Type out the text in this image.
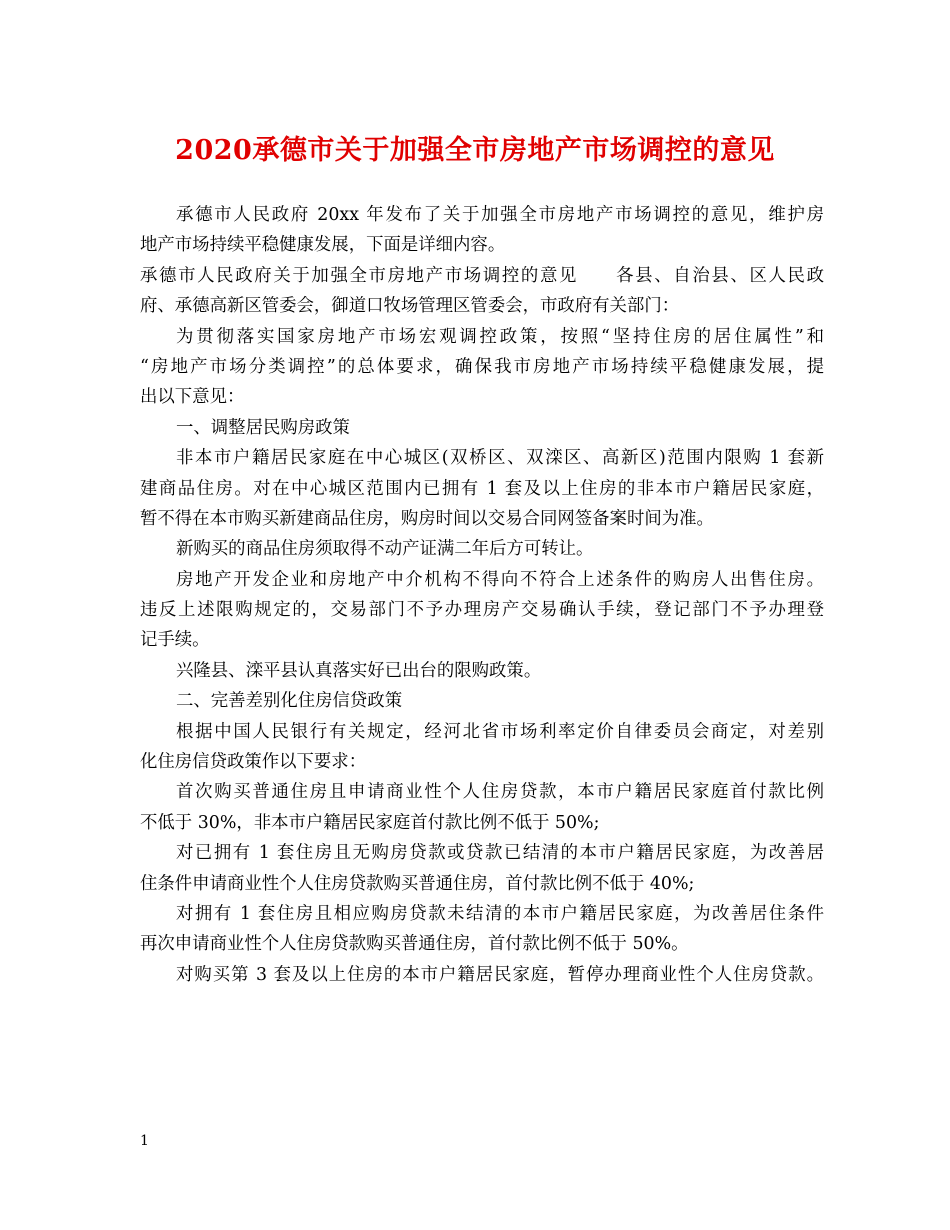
2020承德市关于加强全市房地产市场调控的意见
承德市人民政府 20xx 年发布了关于加强全市房地产市场调控的意见，维护房
地产市场持续平稳健康发展，下面是详细内容。
承德市人民政府关于加强全市房地产市场调控的意见　　各县、自治县、区人民政
府、承德高新区管委会，御道口牧场管理区管委会，市政府有关部门：
为贯彻落实国家房地产市场宏观调控政策，按照“坚持住房的居住属性”和
“房地产市场分类调控”的总体要求，确保我市房地产市场持续平稳健康发展，提
出以下意见：
一、调整居民购房政策
非本市户籍居民家庭在中心城区(双桥区、双滦区、高新区)范围内限购 1 套新
建商品住房。对在中心城区范围内已拥有 1 套及以上住房的非本市户籍居民家庭，
暂不得在本市购买新建商品住房，购房时间以交易合同网签备案时间为准。
新购买的商品住房须取得不动产证满二年后方可转让。
房地产开发企业和房地产中介机构不得向不符合上述条件的购房人出售住房。
违反上述限购规定的，交易部门不予办理房产交易确认手续，登记部门不予办理登
记手续。
兴隆县、滦平县认真落实好已出台的限购政策。
二、完善差别化住房信贷政策
根据中国人民银行有关规定，经河北省市场利率定价自律委员会商定，对差别
化住房信贷政策作以下要求：
首次购买普通住房且申请商业性个人住房贷款，本市户籍居民家庭首付款比例
不低于 30%，非本市户籍居民家庭首付款比例不低于 50%;
对已拥有 1 套住房且无购房贷款或贷款已结清的本市户籍居民家庭，为改善居
住条件申请商业性个人住房贷款购买普通住房，首付款比例不低于 40%;
对拥有 1 套住房且相应购房贷款未结清的本市户籍居民家庭，为改善居住条件
再次申请商业性个人住房贷款购买普通住房，首付款比例不低于 50%。
对购买第 3 套及以上住房的本市户籍居民家庭，暂停办理商业性个人住房贷款。
1
